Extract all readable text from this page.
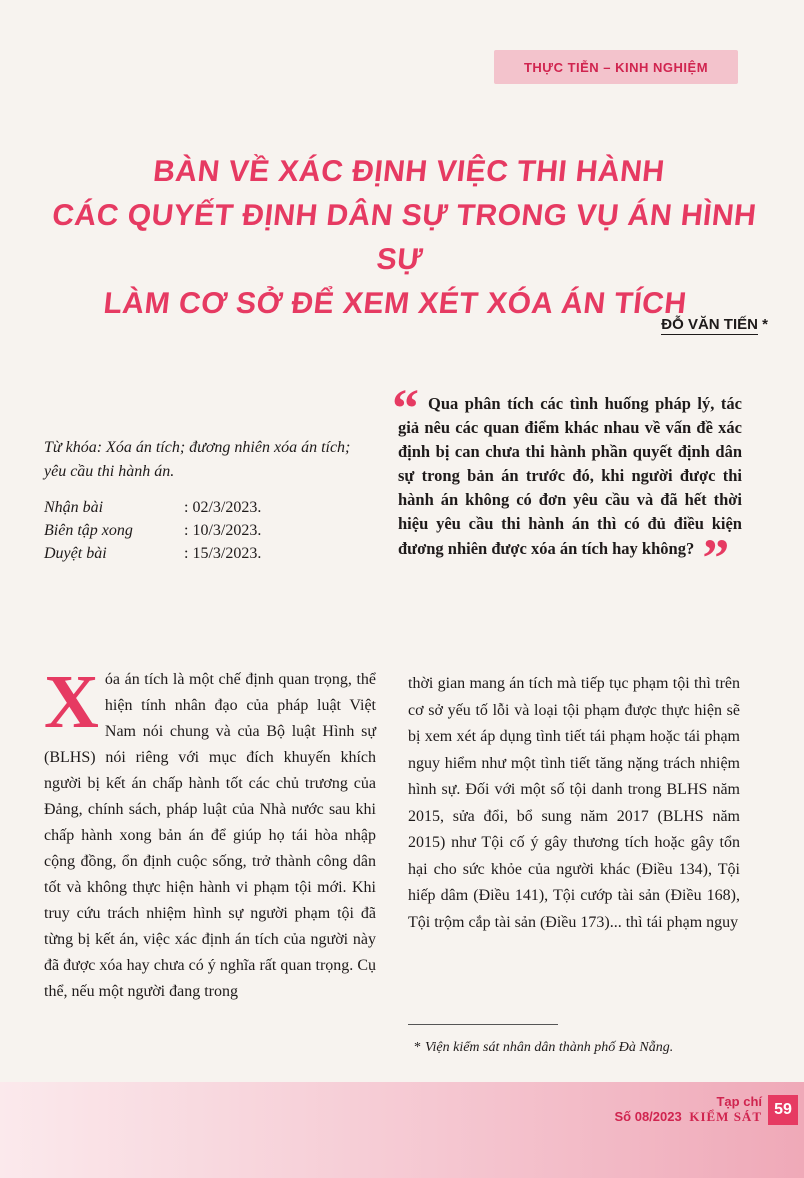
‪ ‪ ‪ ‪ ‪ ‪ ‪ ‪ ‪ ‪ ‪ ‪ ‪ ‪ ‪ ‪ ‪ ‪

THỰC TIỄN – KINH NGHIỆM
BÀN VỀ XÁC ĐỊNH VIỆC THI HÀNH
CÁC QUYẾT ĐỊNH DÂN SỰ TRONG VỤ ÁN HÌNH SỰ
LÀM CƠ SỞ ĐỂ XEM XÉT XÓA ÁN TÍCH
ĐỖ VĂN TIẾN *
Từ khóa: Xóa án tích; đương nhiên xóa án tích; yêu cầu thi hành án.
Nhận bài	: 02/3/2023.
Biên tập xong	: 10/3/2023.
Duyệt bài	: 15/3/2023.
“ Qua phân tích các tình huống pháp lý, tác giả nêu các quan điểm khác nhau về vấn đề xác định bị can chưa thi hành phần quyết định dân sự trong bản án trước đó, khi người được thi hành án không có đơn yêu cầu và đã hết thời hiệu yêu cầu thi hành án thì có đủ điều kiện đương nhiên được xóa án tích hay không? ”
X óa án tích là một chế định quan trọng, thể hiện tính nhân đạo của pháp luật Việt Nam nói chung và của Bộ luật Hình sự (BLHS) nói riêng với mục đích khuyến khích người bị kết án chấp hành tốt các chủ trương của Đảng, chính sách, pháp luật của Nhà nước sau khi chấp hành xong bản án để giúp họ tái hòa nhập cộng đồng, ổn định cuộc sống, trở thành công dân tốt và không thực hiện hành vi phạm tội mới. Khi truy cứu trách nhiệm hình sự người phạm tội đã từng bị kết án, việc xác định án tích của người này đã được xóa hay chưa có ý nghĩa rất quan trọng. Cụ thể, nếu một người đang trong
thời gian mang án tích mà tiếp tục phạm tội thì trên cơ sở yếu tố lỗi và loại tội phạm được thực hiện sẽ bị xem xét áp dụng tình tiết tái phạm hoặc tái phạm nguy hiểm như một tình tiết tăng nặng trách nhiệm hình sự. Đối với một số tội danh trong BLHS năm 2015, sửa đổi, bổ sung năm 2017 (BLHS năm 2015) như Tội cố ý gây thương tích hoặc gây tổn hại cho sức khỏe của người khác (Điều 134), Tội hiếp dâm (Điều 141), Tội cướp tài sản (Điều 168), Tội trộm cắp tài sản (Điều 173)... thì tái phạm nguy
* Viện kiểm sát nhân dân thành phố Đà Nẵng.
Tạp chí
Số 08/2023 KIỂM SÁT 59
